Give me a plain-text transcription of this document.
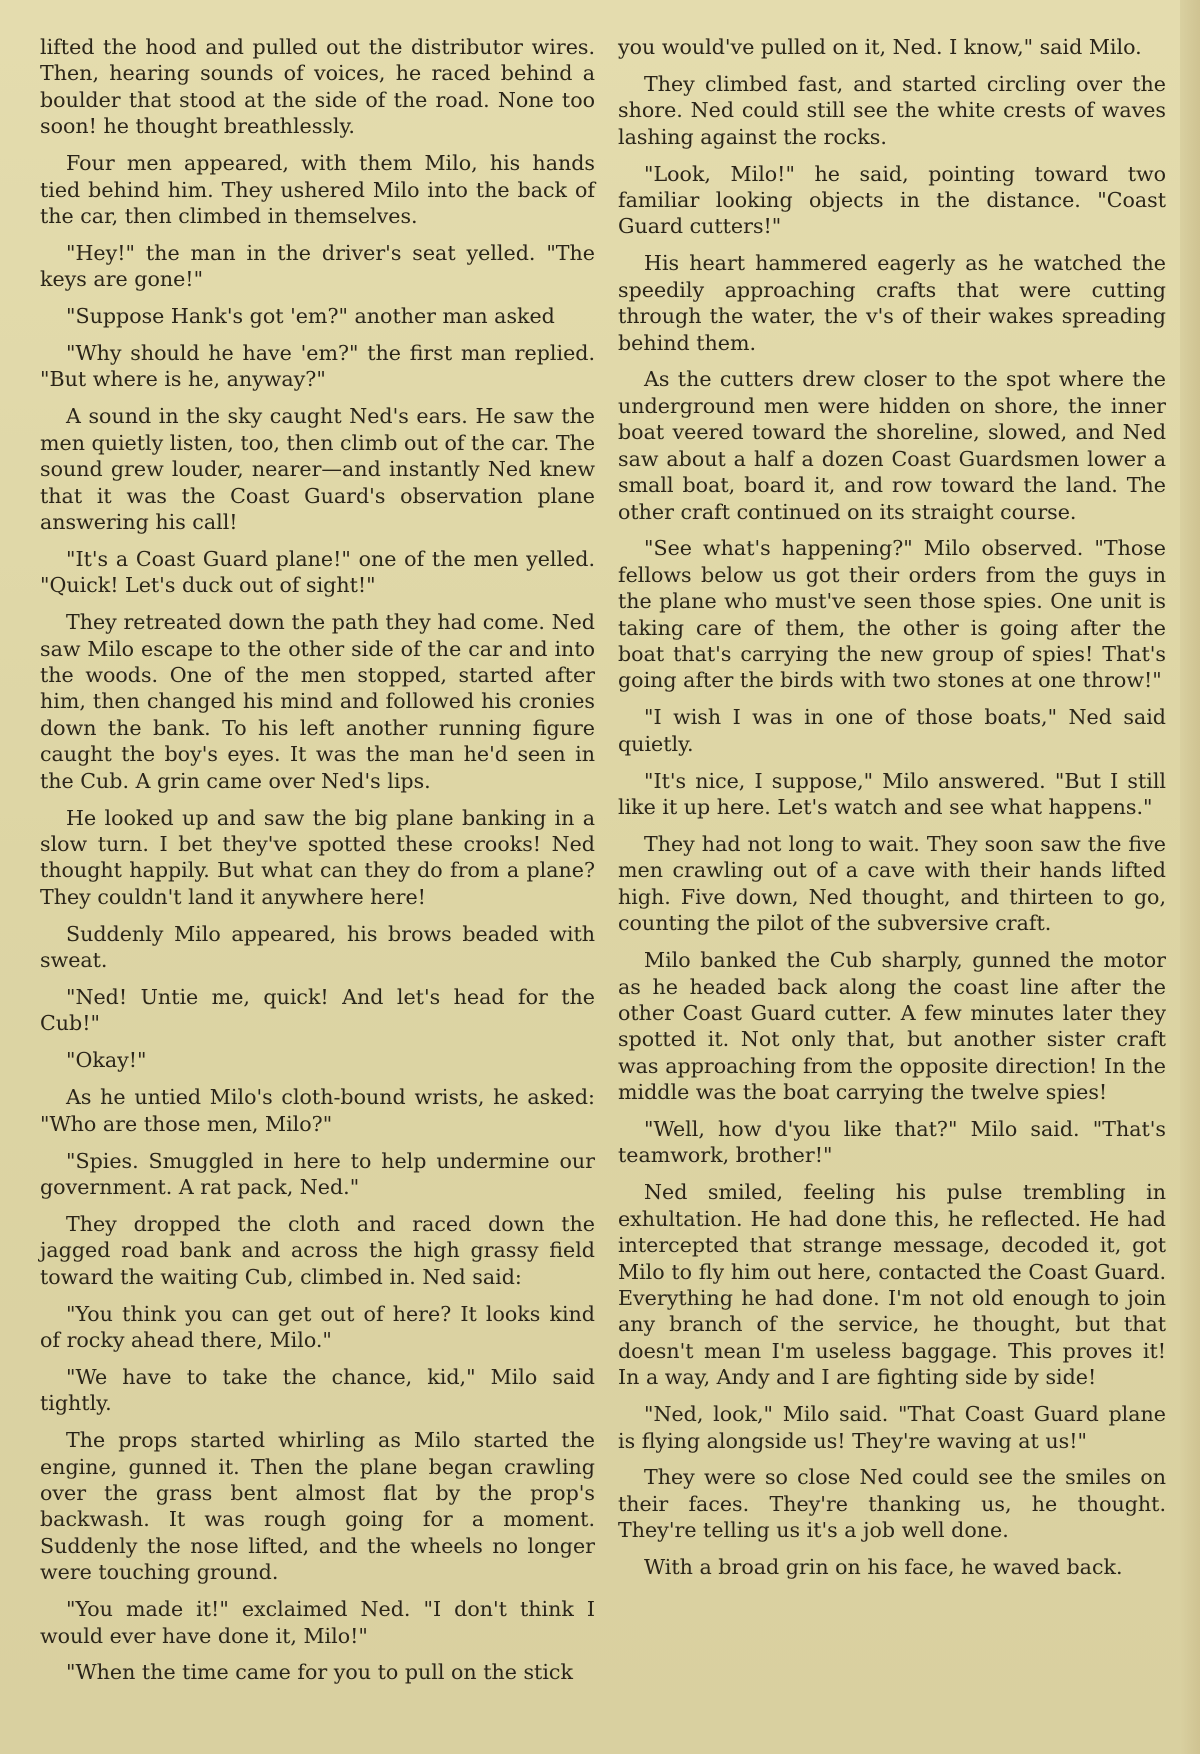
lifted the hood and pulled out the distributor wires. Then, hearing sounds of voices, he raced behind a boulder that stood at the side of the road. None too soon! he thought breathlessly.

Four men appeared, with them Milo, his hands tied behind him. They ushered Milo into the back of the car, then climbed in themselves.

"Hey!" the man in the driver's seat yelled. "The keys are gone!"

"Suppose Hank's got 'em?" another man asked

"Why should he have 'em?" the first man replied. "But where is he, anyway?"

A sound in the sky caught Ned's ears. He saw the men quietly listen, too, then climb out of the car. The sound grew louder, nearer—and instantly Ned knew that it was the Coast Guard's observation plane answering his call!

"It's a Coast Guard plane!" one of the men yelled. "Quick! Let's duck out of sight!"

They retreated down the path they had come. Ned saw Milo escape to the other side of the car and into the woods. One of the men stopped, started after him, then changed his mind and followed his cronies down the bank. To his left another running figure caught the boy's eyes. It was the man he'd seen in the Cub. A grin came over Ned's lips.

He looked up and saw the big plane banking in a slow turn. I bet they've spotted these crooks! Ned thought happily. But what can they do from a plane? They couldn't land it anywhere here!

Suddenly Milo appeared, his brows beaded with sweat.

"Ned! Untie me, quick! And let's head for the Cub!"

"Okay!"

As he untied Milo's cloth-bound wrists, he asked: "Who are those men, Milo?"

"Spies. Smuggled in here to help undermine our government. A rat pack, Ned."

They dropped the cloth and raced down the jagged road bank and across the high grassy field toward the waiting Cub, climbed in. Ned said:

"You think you can get out of here? It looks kind of rocky ahead there, Milo."

"We have to take the chance, kid," Milo said tightly.

The props started whirling as Milo started the engine, gunned it. Then the plane began crawling over the grass bent almost flat by the prop's backwash. It was rough going for a moment. Suddenly the nose lifted, and the wheels no longer were touching ground.

"You made it!" exclaimed Ned. "I don't think I would ever have done it, Milo!"

"When the time came for you to pull on the stick

you would've pulled on it, Ned. I know," said Milo.

They climbed fast, and started circling over the shore. Ned could still see the white crests of waves lashing against the rocks.

"Look, Milo!" he said, pointing toward two familiar looking objects in the distance. "Coast Guard cutters!"

His heart hammered eagerly as he watched the speedily approaching crafts that were cutting through the water, the v's of their wakes spreading behind them.

As the cutters drew closer to the spot where the underground men were hidden on shore, the inner boat veered toward the shoreline, slowed, and Ned saw about a half a dozen Coast Guardsmen lower a small boat, board it, and row toward the land. The other craft continued on its straight course.

"See what's happening?" Milo observed. "Those fellows below us got their orders from the guys in the plane who must've seen those spies. One unit is taking care of them, the other is going after the boat that's carrying the new group of spies! That's going after the birds with two stones at one throw!"

"I wish I was in one of those boats," Ned said quietly.

"It's nice, I suppose," Milo answered. "But I still like it up here. Let's watch and see what happens."

They had not long to wait. They soon saw the five men crawling out of a cave with their hands lifted high. Five down, Ned thought, and thirteen to go, counting the pilot of the subversive craft.

Milo banked the Cub sharply, gunned the motor as he headed back along the coast line after the other Coast Guard cutter. A few minutes later they spotted it. Not only that, but another sister craft was approaching from the opposite direction! In the middle was the boat carrying the twelve spies!

"Well, how d'you like that?" Milo said. "That's teamwork, brother!"

Ned smiled, feeling his pulse trembling in exhultation. He had done this, he reflected. He had intercepted that strange message, decoded it, got Milo to fly him out here, contacted the Coast Guard. Everything he had done. I'm not old enough to join any branch of the service, he thought, but that doesn't mean I'm useless baggage. This proves it! In a way, Andy and I are fighting side by side!

"Ned, look," Milo said. "That Coast Guard plane is flying alongside us! They're waving at us!"

They were so close Ned could see the smiles on their faces. They're thanking us, he thought. They're telling us it's a job well done.

With a broad grin on his face, he waved back.
